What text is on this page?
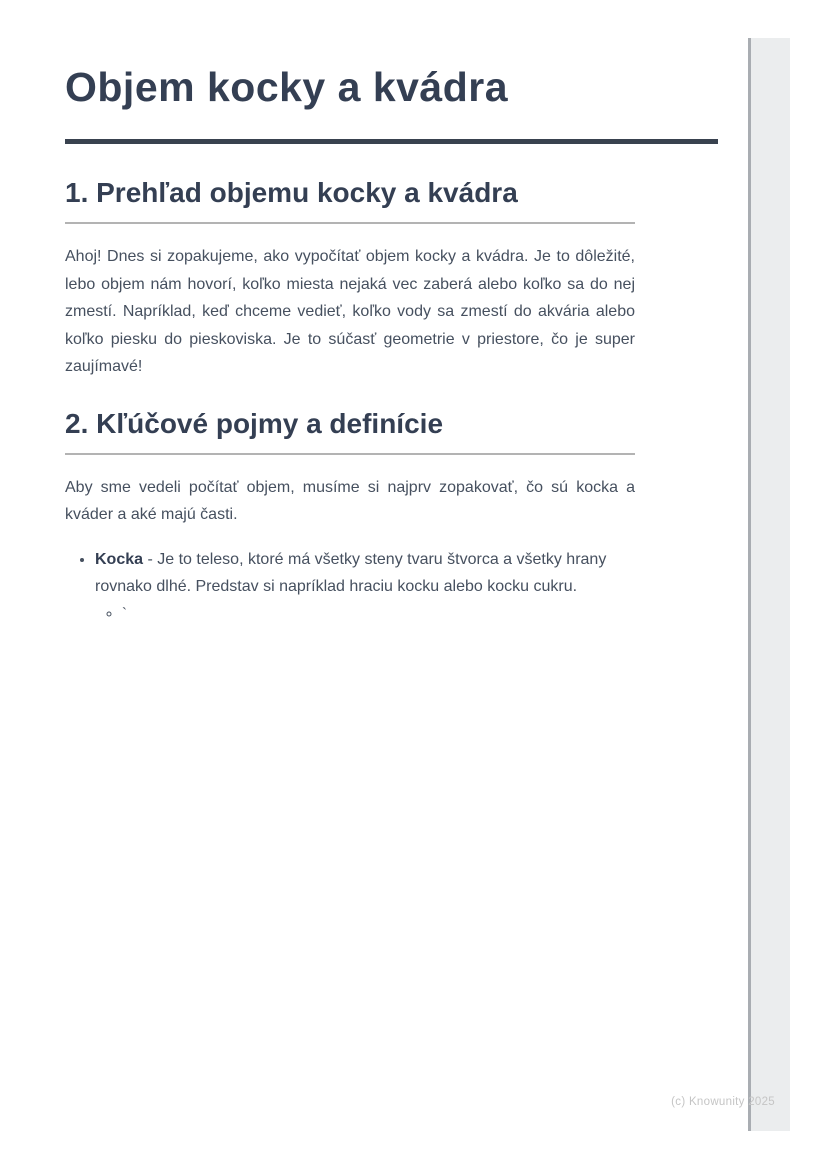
Objem kocky a kvádra
1. Prehľad objemu kocky a kvádra

Ahoj! Dnes si zopakujeme, ako vypočítať objem kocky a kvádra. Je to dôležité, lebo objem nám hovorí, koľko miesta nejaká vec zaberá alebo koľko sa do nej zmestí. Napríklad, keď chceme vedieť, koľko vody sa zmestí do akvária alebo koľko piesku do pieskoviska. Je to súčasť geometrie v priestore, čo je super zaujímavé!

2. Kľúčové pojmy a definície

Aby sme vedeli počítať objem, musíme si najprv zopakovať, čo sú kocka a kváder a aké majú časti.

• Kocka - Je to teleso, ktoré má všetky steny tvaru štvorca a všetky hrany rovnako dlhé. Predstav si napríklad hraciu kocku alebo kocku cukru.
◦ `
(c) Knowunity 2025
